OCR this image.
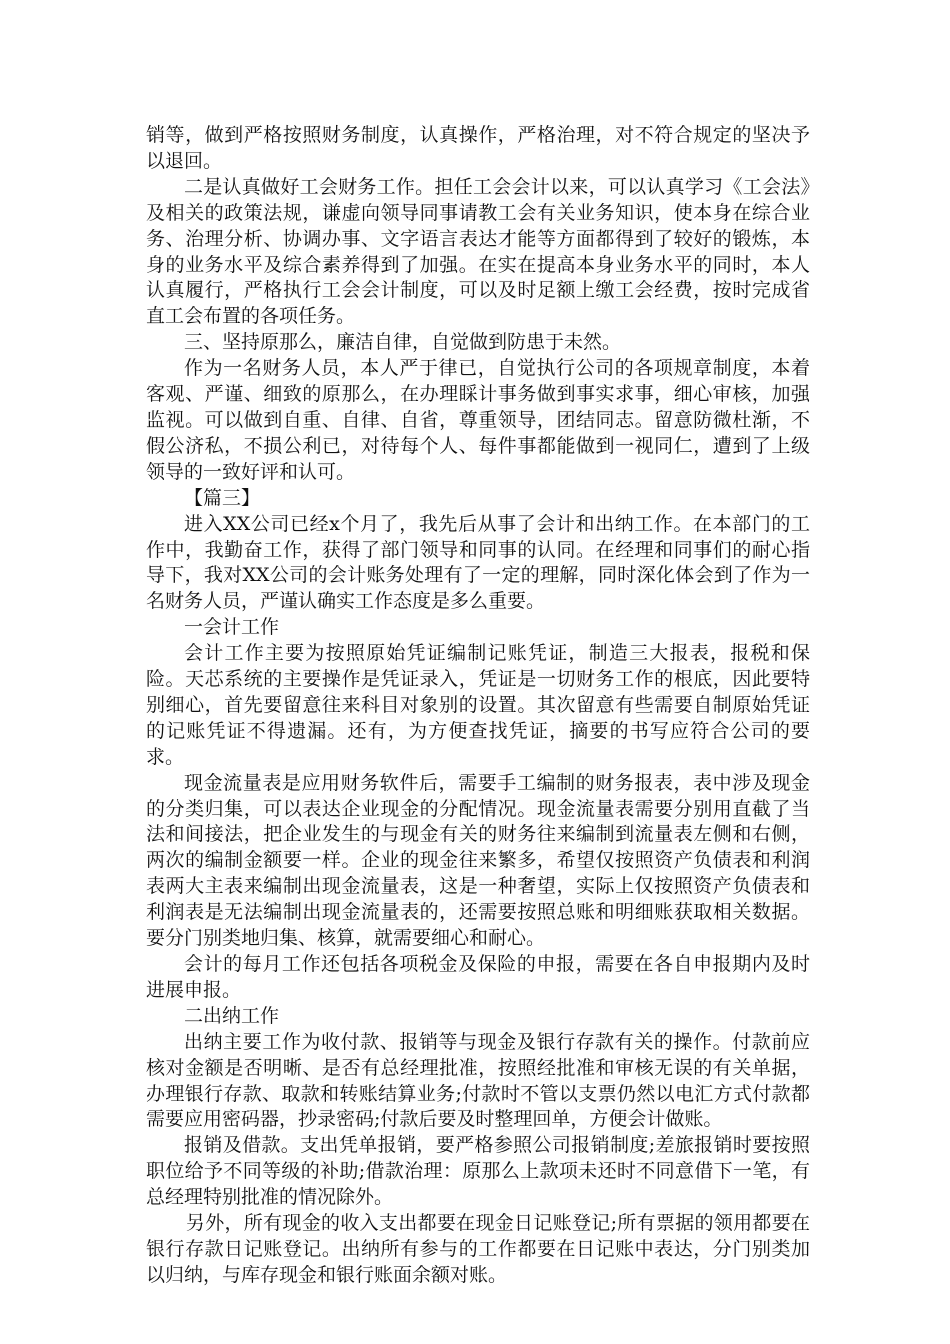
销等，做到严格按照财务制度，认真操作，严格治理，对不符合规定的坚决予以退回。

二是认真做好工会财务工作。担任工会会计以来，可以认真学习《工会法》及相关的政策法规，谦虚向领导同事请教工会有关业务知识，使本身在综合业务、治理分析、协调办事、文字语言表达才能等方面都得到了较好的锻炼，本身的业务水平及综合素养得到了加强。在实在提高本身业务水平的同时，本人认真履行，严格执行工会会计制度，可以及时足额上缴工会经费，按时完成省直工会布置的各项任务。

三、坚持原那么，廉洁自律，自觉做到防患于未然。

作为一名财务人员，本人严于律已，自觉执行公司的各项规章制度，本着客观、严谨、细致的原那么，在办理睬计事务做到事实求事，细心审核，加强监视。可以做到自重、自律、自省，尊重领导，团结同志。留意防微杜渐，不假公济私，不损公利已，对待每个人、每件事都能做到一视同仁，遭到了上级领导的一致好评和认可。

【篇三】

进入XX公司已经x个月了，我先后从事了会计和出纳工作。在本部门的工作中，我勤奋工作，获得了部门领导和同事的认同。在经理和同事们的耐心指导下，我对XX公司的会计账务处理有了一定的理解，同时深化体会到了作为一名财务人员，严谨认确实工作态度是多么重要。

一会计工作

会计工作主要为按照原始凭证编制记账凭证，制造三大报表，报税和保险。天芯系统的主要操作是凭证录入，凭证是一切财务工作的根底，因此要特别细心，首先要留意往来科目对象别的设置。其次留意有些需要自制原始凭证的记账凭证不得遗漏。还有，为方便查找凭证，摘要的书写应符合公司的要求。

现金流量表是应用财务软件后，需要手工编制的财务报表，表中涉及现金的分类归集，可以表达企业现金的分配情况。现金流量表需要分别用直截了当法和间接法，把企业发生的与现金有关的财务往来编制到流量表左侧和右侧，两次的编制金额要一样。企业的现金往来繁多，希望仅按照资产负债表和利润表两大主表来编制出现金流量表，这是一种奢望，实际上仅按照资产负债表和利润表是无法编制出现金流量表的，还需要按照总账和明细账获取相关数据。要分门别类地归集、核算，就需要细心和耐心。

会计的每月工作还包括各项税金及保险的申报，需要在各自申报期内及时进展申报。

二出纳工作

出纳主要工作为收付款、报销等与现金及银行存款有关的操作。付款前应核对金额是否明晰、是否有总经理批准，按照经批准和审核无误的有关单据，办理银行存款、取款和转账结算业务;付款时不管以支票仍然以电汇方式付款都需要应用密码器，抄录密码;付款后要及时整理回单，方便会计做账。

报销及借款。支出凭单报销，要严格参照公司报销制度;差旅报销时要按照职位给予不同等级的补助;借款治理：原那么上款项未还时不同意借下一笔，有总经理特别批准的情况除外。

另外，所有现金的收入支出都要在现金日记账登记;所有票据的领用都要在银行存款日记账登记。出纳所有参与的工作都要在日记账中表达，分门别类加以归纳，与库存现金和银行账面余额对账。
